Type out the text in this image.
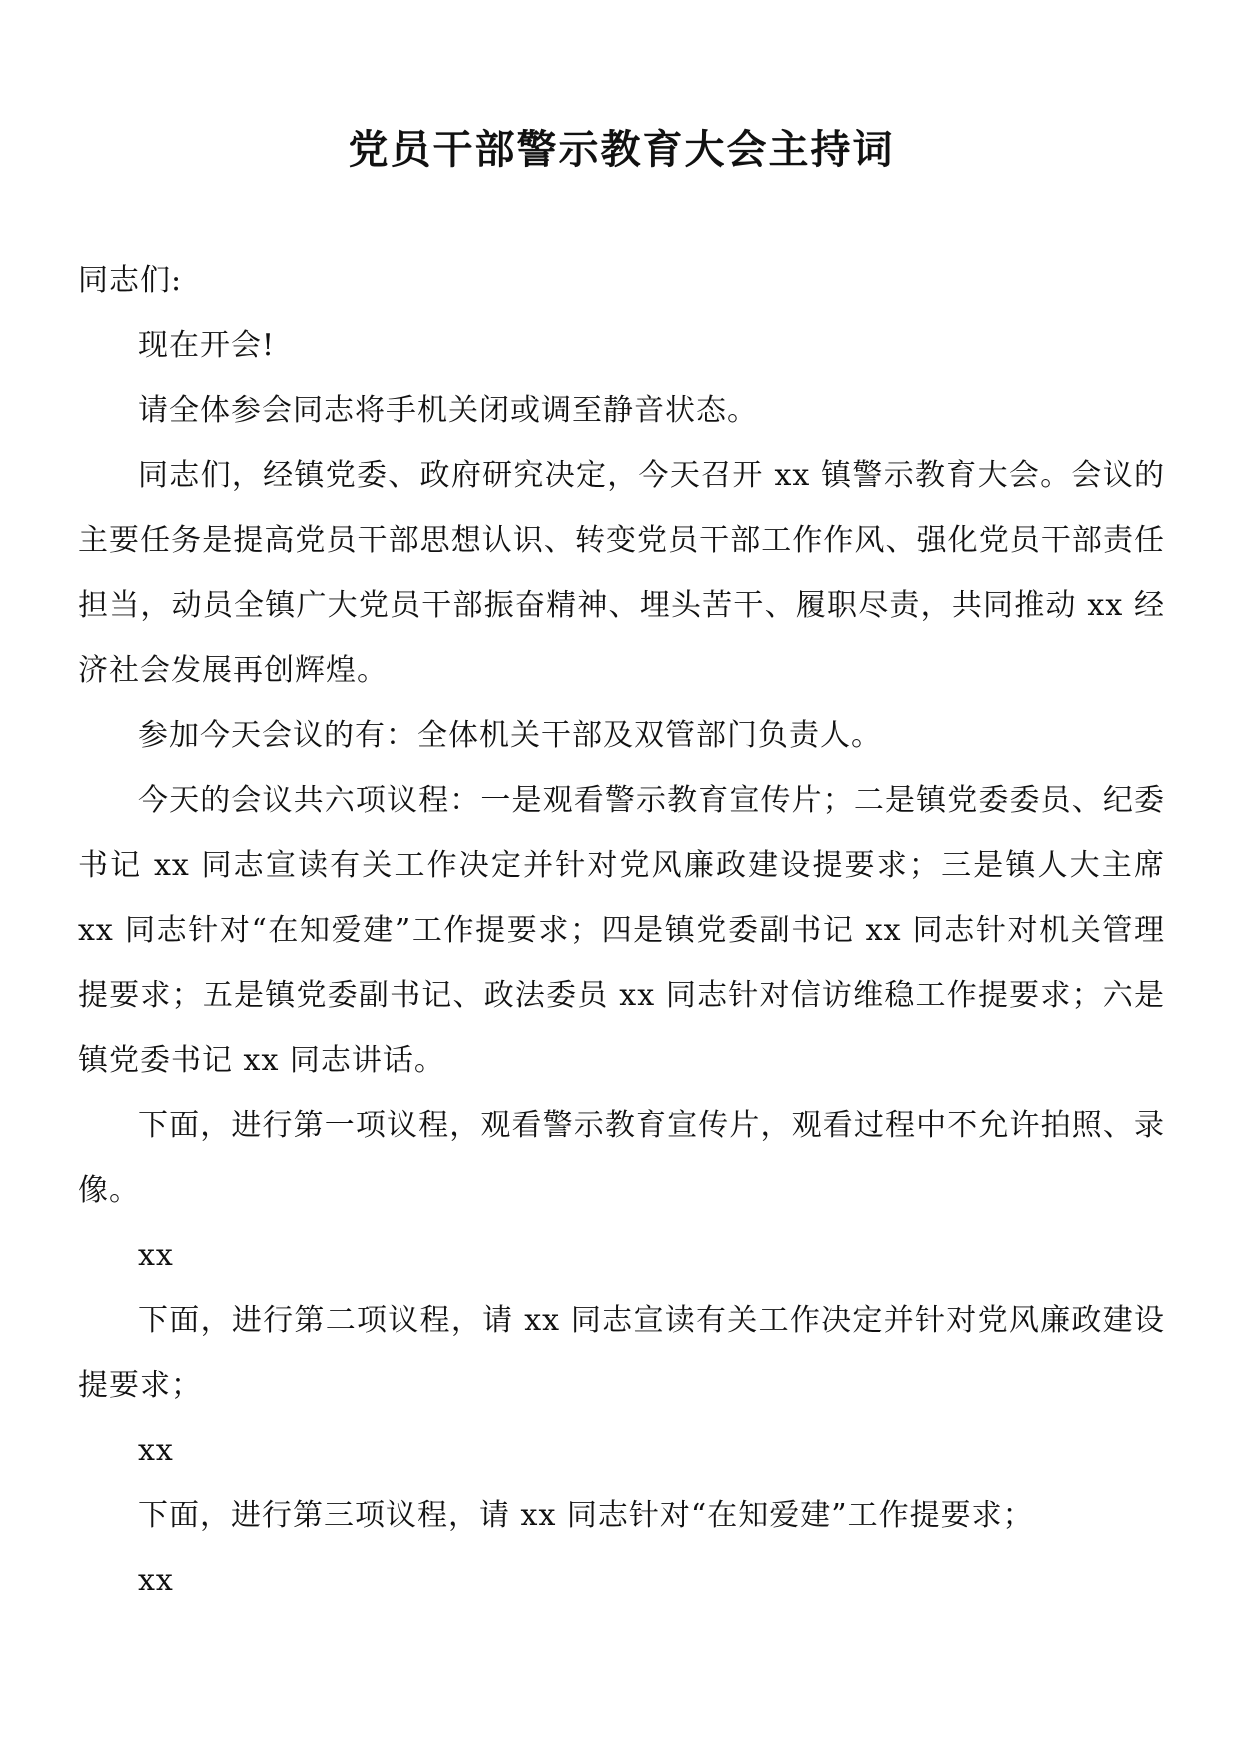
党员干部警示教育大会主持词

同志们:

现在开会!

请全体参会同志将手机关闭或调至静音状态。

同志们，经镇党委、政府研究决定，今天召开 xx 镇警示教育大会。会议的主要任务是提高党员干部思想认识、转变党员干部工作作风、强化党员干部责任担当，动员全镇广大党员干部振奋精神、埋头苦干、履职尽责，共同推动 xx 经济社会发展再创辉煌。

参加今天会议的有：全体机关干部及双管部门负责人。

今天的会议共六项议程：一是观看警示教育宣传片；二是镇党委委员、纪委书记 xx 同志宣读有关工作决定并针对党风廉政建设提要求；三是镇人大主席 xx 同志针对“在知爱建”工作提要求；四是镇党委副书记 xx 同志针对机关管理提要求；五是镇党委副书记、政法委员 xx 同志针对信访维稳工作提要求；六是镇党委书记 xx 同志讲话。

下面，进行第一项议程，观看警示教育宣传片，观看过程中不允许拍照、录像。

xx

下面，进行第二项议程，请 xx 同志宣读有关工作决定并针对党风廉政建设提要求；

xx

下面，进行第三项议程，请 xx 同志针对“在知爱建”工作提要求；

xx
